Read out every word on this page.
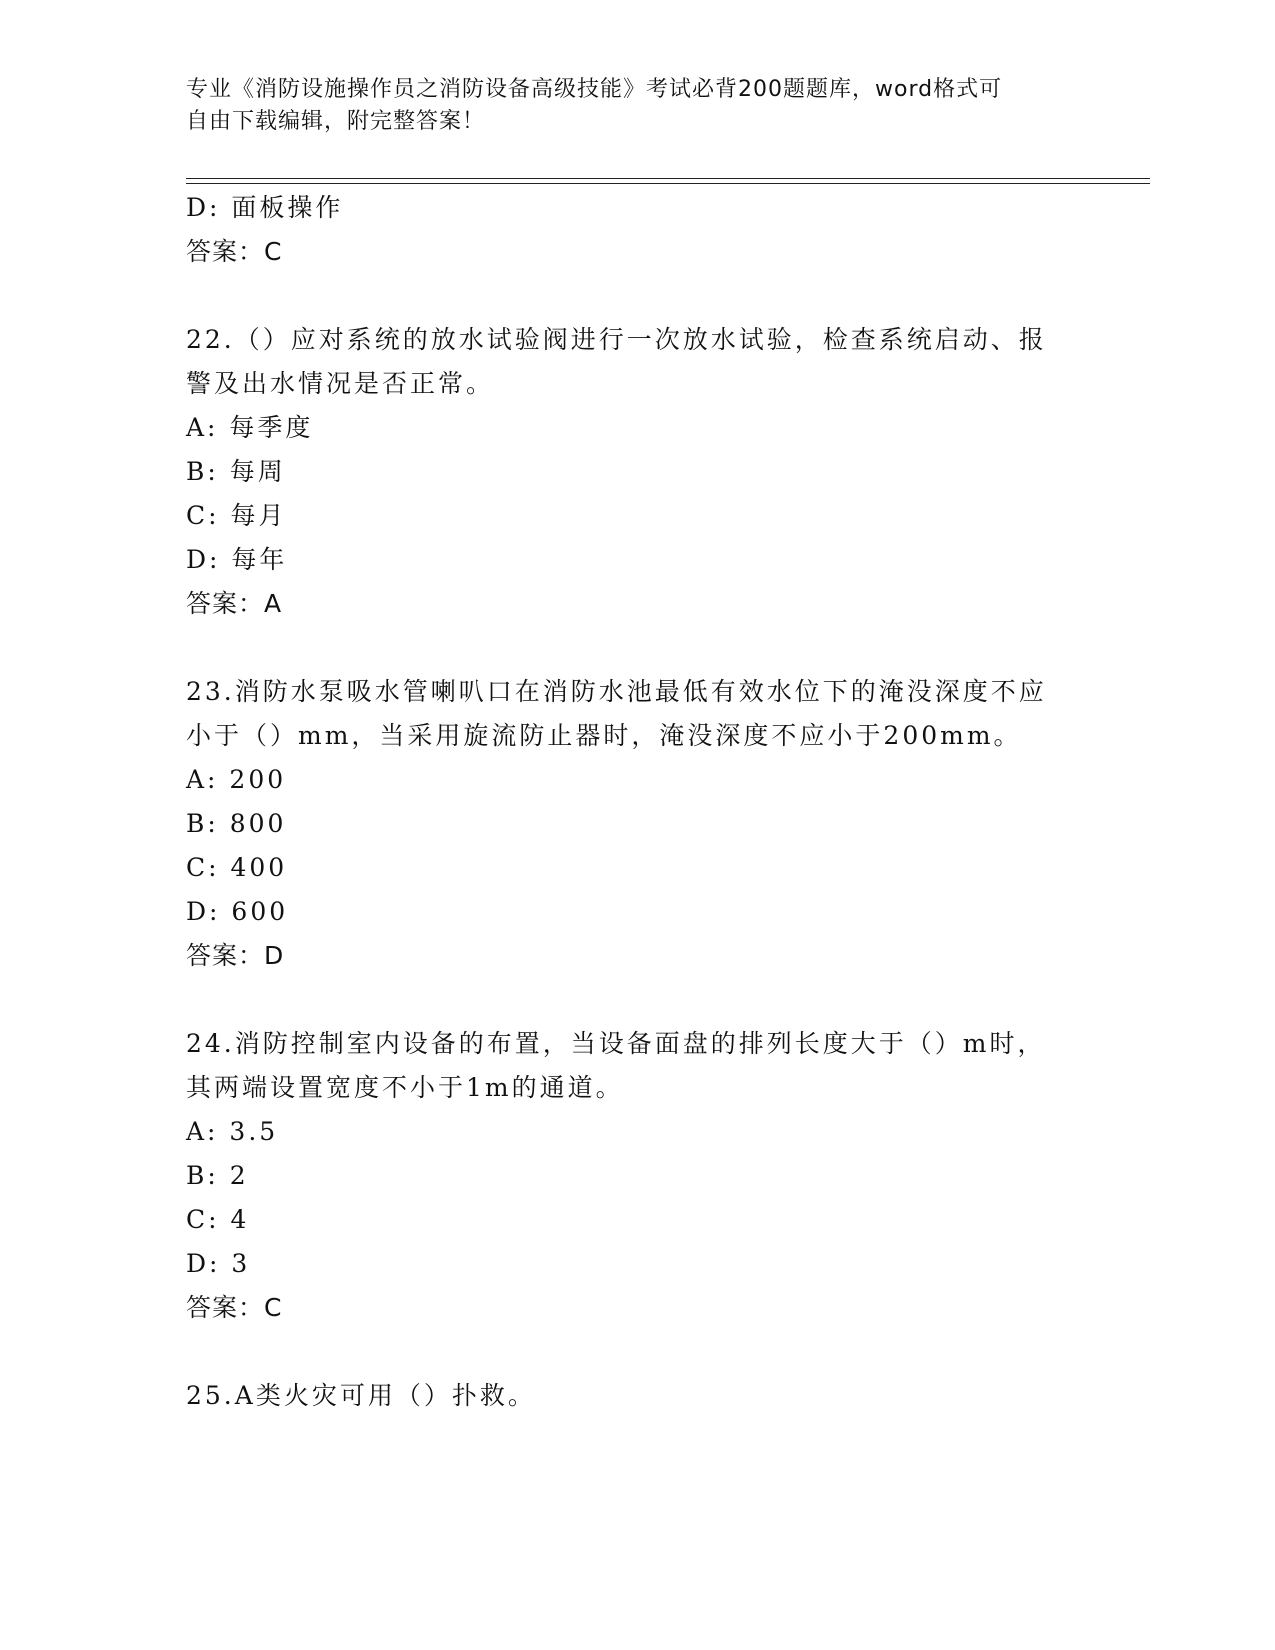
专业《消防设施操作员之消防设备高级技能》考试必背200题题库，word格式可
自由下载编辑，附完整答案！
D: 面板操作
答案：C
22.（）应对系统的放水试验阀进行一次放水试验，检查系统启动、报
警及出水情况是否正常。
A: 每季度
B: 每周
C: 每月
D: 每年
答案：A
23.消防水泵吸水管喇叭口在消防水池最低有效水位下的淹没深度不应
小于（）mm，当采用旋流防止器时，淹没深度不应小于200mm。
A: 200
B: 800
C: 400
D: 600
答案：D
24.消防控制室内设备的布置，当设备面盘的排列长度大于（）m时，
其两端设置宽度不小于1m的通道。
A: 3.5
B: 2
C: 4
D: 3
答案：C
25.A类火灾可用（）扑救。
